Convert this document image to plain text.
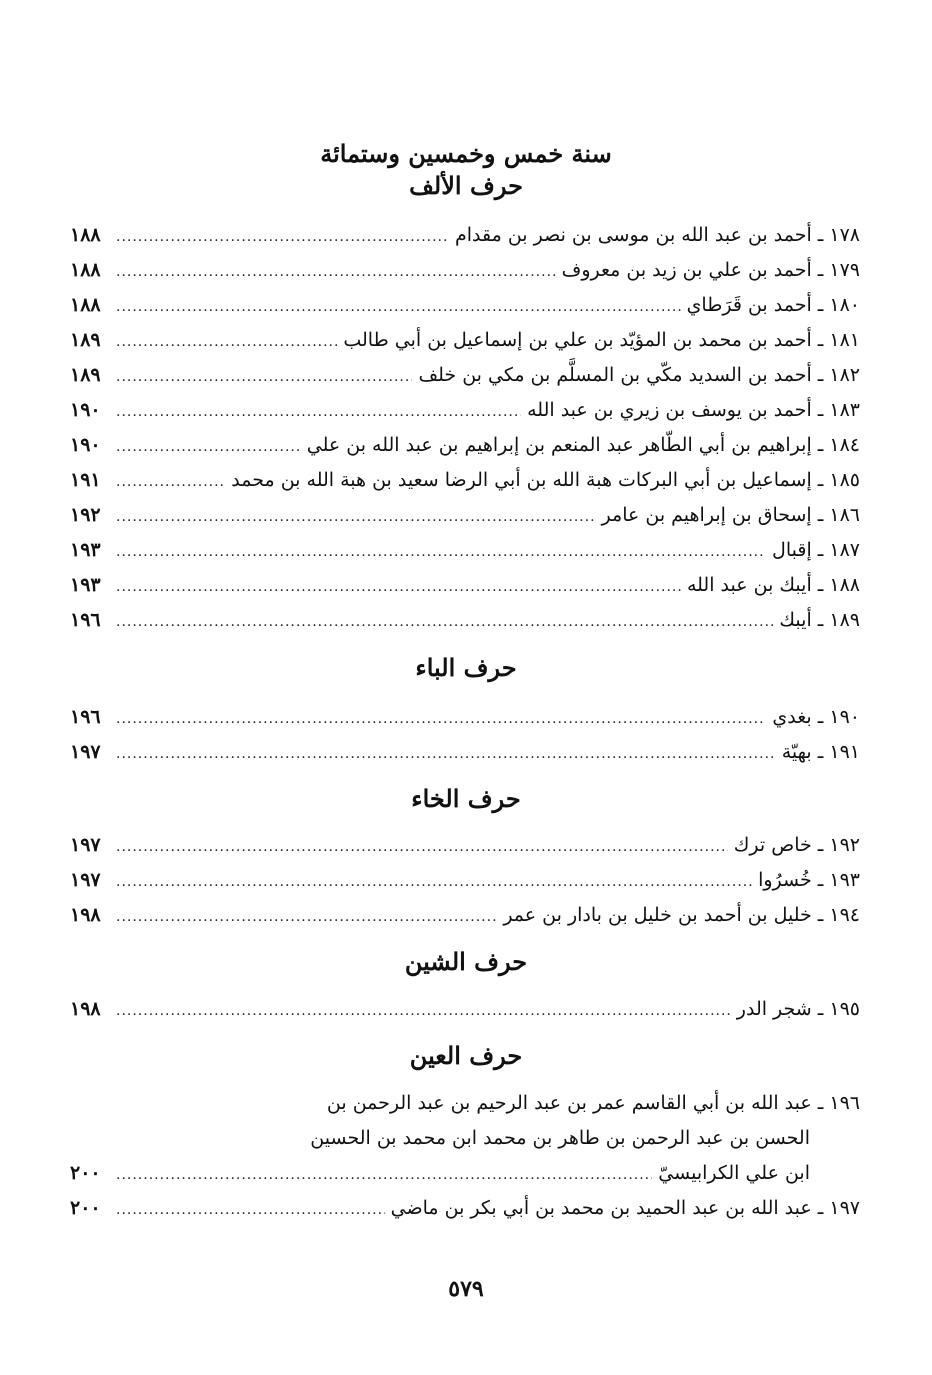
سنة خمس وخمسين وستمائة
حرف الألف
١٧٨ ـ أحمد بن عبد الله بن موسى بن نصر بن مقدام
.....
١٨٨
١٧٩ ـ أحمد بن علي بن زيد بن معروف
.....
١٨٨
١٨٠ ـ أحمد بن قَرَطاي
.....
١٨٨
١٨١ ـ أحمد بن محمد بن المؤيّد بن علي بن إسماعيل بن أبي طالب
.....
١٨٩
١٨٢ ـ أحمد بن السديد مكّي بن المسلَّم بن مكي بن خلف
.....
١٨٩
١٨٣ ـ أحمد بن يوسف بن زيري بن عبد الله
.....
١٩٠
١٨٤ ـ إبراهيم بن أبي الطّاهر عبد المنعم بن إبراهيم بن عبد الله بن علي
.....
١٩٠
١٨٥ ـ إسماعيل بن أبي البركات هبة الله بن أبي الرضا سعيد بن هبة الله بن محمد
.....
١٩١
١٨٦ ـ إسحاق بن إبراهيم بن عامر
.....
١٩٢
١٨٧ ـ إقبال
.....
١٩٣
١٨٨ ـ أيبك بن عبد الله
.....
١٩٣
١٨٩ ـ أيبك
.....
١٩٦
حرف الباء
١٩٠ ـ بغدي
.....
١٩٦
١٩١ ـ بهيّة
.....
١٩٧
حرف الخاء
١٩٢ ـ خاص ترك
.....
١٩٧
١٩٣ ـ خُسرُوا
.....
١٩٧
١٩٤ ـ خليل بن أحمد بن خليل بن بادار بن عمر
.....
١٩٨
حرف الشين
١٩٥ ـ شجر الدر
.....
١٩٨
حرف العين
١٩٦ ـ عبد الله بن أبي القاسم عمر بن عبد الرحيم بن عبد الرحمن بن
الحسن بن عبد الرحمن بن طاهر بن محمد ابن محمد بن الحسين
ابن علي الكرابيسيّ
.....
٢٠٠
١٩٧ ـ عبد الله بن عبد الحميد بن محمد بن أبي بكر بن ماضي
.....
٢٠٠
٥٧٩
